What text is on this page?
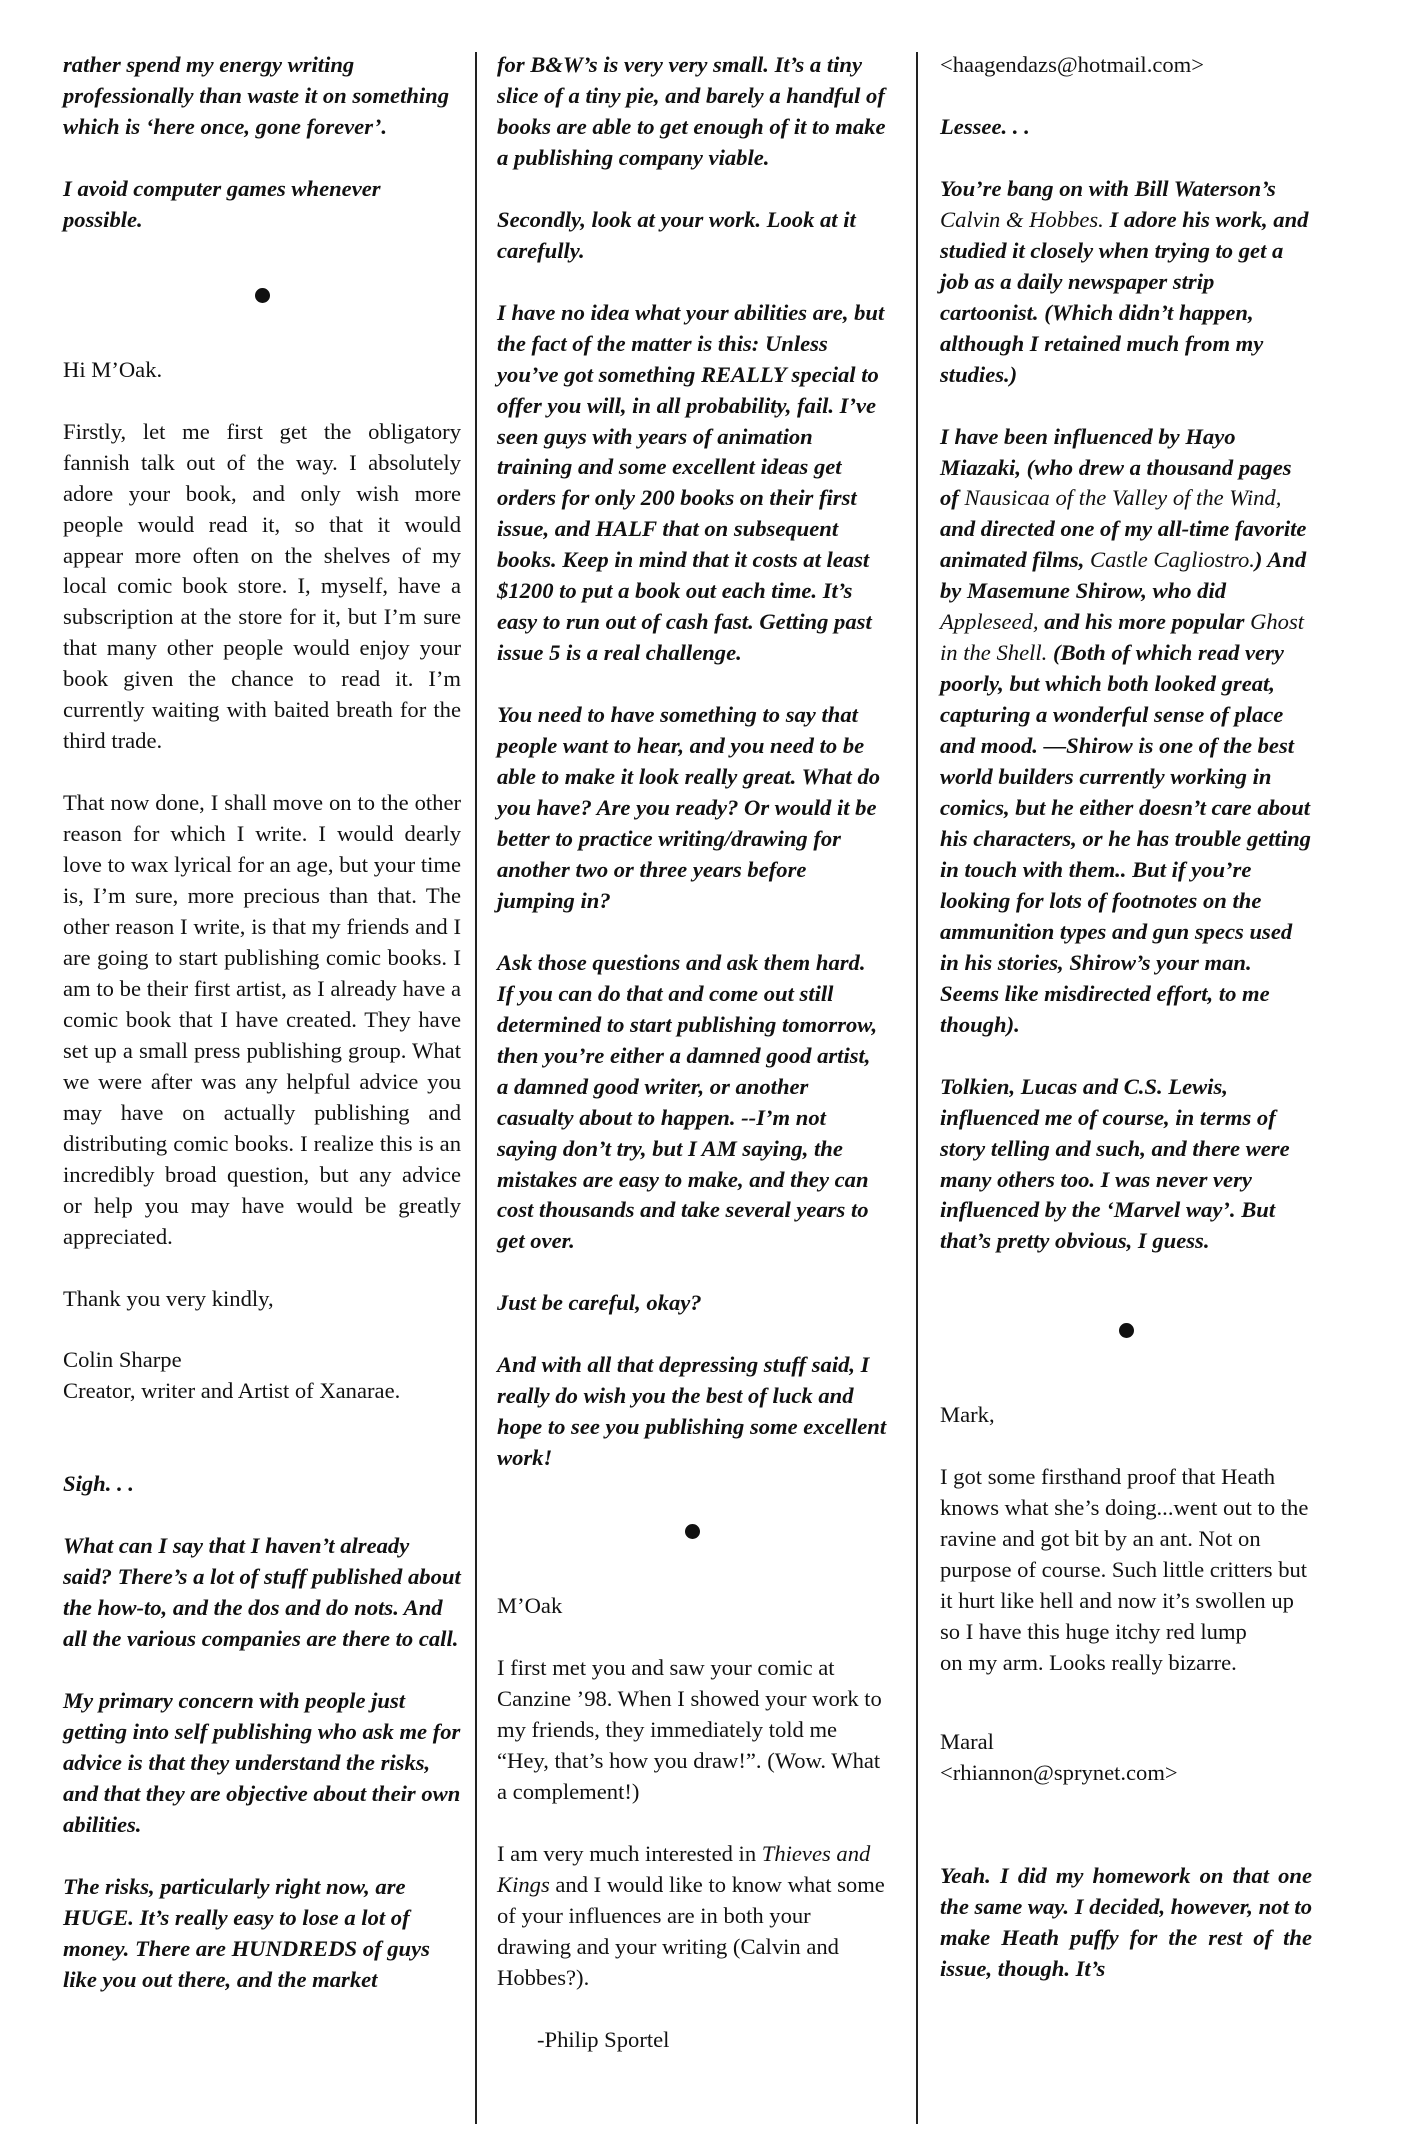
rather spend my energy writing professionally than waste it on something which is ‘here once, gone forever’.

I avoid computer games whenever possible.

Hi M’Oak.

Firstly, let me first get the obligatory fannish talk out of the way. I absolutely adore your book, and only wish more people would read it, so that it would appear more often on the shelves of my local comic book store. I, myself, have a subscription at the store for it, but I’m sure that many other people would enjoy your book given the chance to read it. I’m currently waiting with baited breath for the third trade.

That now done, I shall move on to the other reason for which I write. I would dearly love to wax lyrical for an age, but your time is, I’m sure, more precious than that. The other reason I write, is that my friends and I are going to start publishing comic books. I am to be their first artist, as I already have a comic book that I have created. They have set up a small press publishing group. What we were after was any helpful advice you may have on actually publishing and distributing comic books. I realize this is an incredibly broad question, but any advice or help you may have would be greatly appreciated.

Thank you very kindly,

Colin Sharpe
Creator, writer and Artist of Xanarae.

Sigh. . .

What can I say that I haven’t already said? There’s a lot of stuff published about the how-to, and the dos and do nots. And all the various companies are there to call.

My primary concern with people just getting into self publishing who ask me for advice is that they understand the risks, and that they are objective about their own abilities.

The risks, particularly right now, are HUGE. It’s really easy to lose a lot of money. There are HUNDREDS of guys like you out there, and the market

for B&W’s is very very small. It’s a tiny slice of a tiny pie, and barely a handful of books are able to get enough of it to make a publishing company viable.

Secondly, look at your work. Look at it carefully.

I have no idea what your abilities are, but the fact of the matter is this: Unless you’ve got something REALLY special to offer you will, in all probability, fail. I’ve seen guys with years of animation training and some excellent ideas get orders for only 200 books on their first issue, and HALF that on subsequent books. Keep in mind that it costs at least $1200 to put a book out each time. It’s easy to run out of cash fast. Getting past issue 5 is a real challenge.

You need to have something to say that people want to hear, and you need to be able to make it look really great. What do you have? Are you ready? Or would it be better to practice writing/drawing for another two or three years before jumping in?

Ask those questions and ask them hard. If you can do that and come out still determined to start publishing tomorrow, then you’re either a damned good artist, a damned good writer, or another casualty about to happen. --I’m not saying don’t try, but I AM saying, the mistakes are easy to make, and they can cost thousands and take several years to get over.

Just be careful, okay?

And with all that depressing stuff said, I really do wish you the best of luck and hope to see you publishing some excellent work!

M’Oak

I first met you and saw your comic at Canzine ’98. When I showed your work to my friends, they immediately told me “Hey, that’s how you draw!”. (Wow. What a complement!)

I am very much interested in Thieves and Kings and I would like to know what some of your influences are in both your drawing and your writing (Calvin and Hobbes?).

-Philip Sportel

<haagendazs@hotmail.com>

Lessee. . .

You’re bang on with Bill Waterson’s Calvin & Hobbes. I adore his work, and studied it closely when trying to get a job as a daily newspaper strip cartoonist. (Which didn’t happen, although I retained much from my studies.)

I have been influenced by Hayo Miazaki, (who drew a thousand pages of Nausicaa of the Valley of the Wind, and directed one of my all-time favorite animated films, Castle Cagliostro.) And by Masemune Shirow, who did Appleseed, and his more popular Ghost in the Shell. (Both of which read very poorly, but which both looked great, capturing a wonderful sense of place and mood. —Shirow is one of the best world builders currently working in comics, but he either doesn’t care about his characters, or he has trouble getting in touch with them.. But if you’re looking for lots of footnotes on the ammunition types and gun specs used in his stories, Shirow’s your man. Seems like misdirected effort, to me though).

Tolkien, Lucas and C.S. Lewis, influenced me of course, in terms of story telling and such, and there were many others too. I was never very influenced by the ‘Marvel way’. But that’s pretty obvious, I guess.

Mark,

I got some firsthand proof that Heath knows what she’s doing...went out to the
ravine and got bit by an ant. Not on purpose of course. Such little critters but it hurt like hell and now it’s swollen up so I have this huge itchy red lump
on my arm. Looks really bizarre.

Maral
<rhiannon@sprynet.com>

Yeah. I did my homework on that one the same way. I decided, however, not to make Heath puffy for the rest of the issue, though. It’s
